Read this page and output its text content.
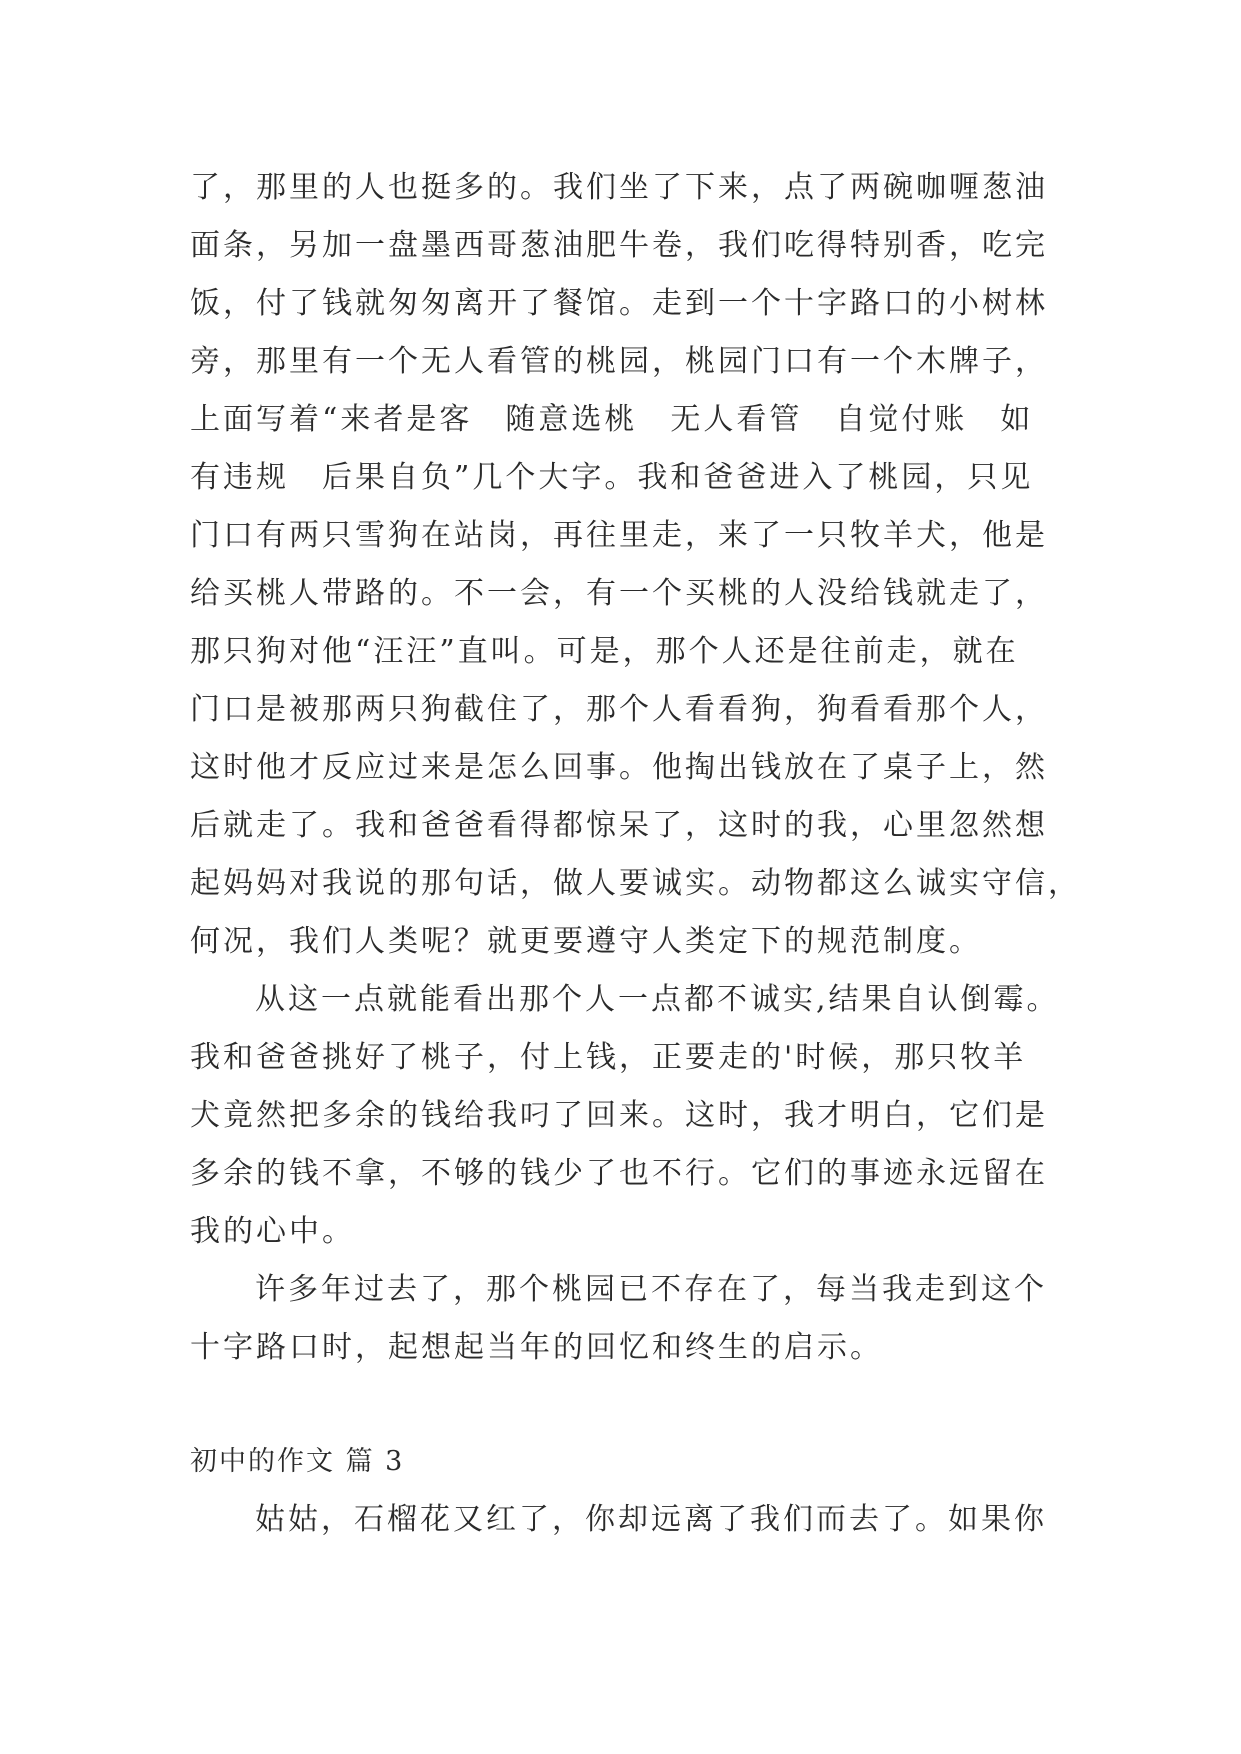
了，那里的人也挺多的。我们坐了下来，点了两碗咖喱葱油
面条，另加一盘墨西哥葱油肥牛卷，我们吃得特别香，吃完
饭，付了钱就匆匆离开了餐馆。走到一个十字路口的小树林
旁，那里有一个无人看管的桃园，桃园门口有一个木牌子，
上面写着“来者是客　随意选桃　无人看管　自觉付账　如
有违规　后果自负”几个大字。我和爸爸进入了桃园，只见
门口有两只雪狗在站岗，再往里走，来了一只牧羊犬，他是
给买桃人带路的。不一会，有一个买桃的人没给钱就走了，
那只狗对他“汪汪”直叫。可是，那个人还是往前走，就在
门口是被那两只狗截住了，那个人看看狗，狗看看那个人，
这时他才反应过来是怎么回事。他掏出钱放在了桌子上，然
后就走了。我和爸爸看得都惊呆了，这时的我，心里忽然想
起妈妈对我说的那句话，做人要诚实。动物都这么诚实守信，
何况，我们人类呢？就更要遵守人类定下的规范制度。
从这一点就能看出那个人一点都不诚实,结果自认倒霉。
我和爸爸挑好了桃子，付上钱，正要走的'时候，那只牧羊
犬竟然把多余的钱给我叼了回来。这时，我才明白，它们是
多余的钱不拿，不够的钱少了也不行。它们的事迹永远留在
我的心中。
许多年过去了，那个桃园已不存在了，每当我走到这个
十字路口时，起想起当年的回忆和终生的启示。
初中的作文 篇 3
姑姑，石榴花又红了，你却远离了我们而去了。如果你
